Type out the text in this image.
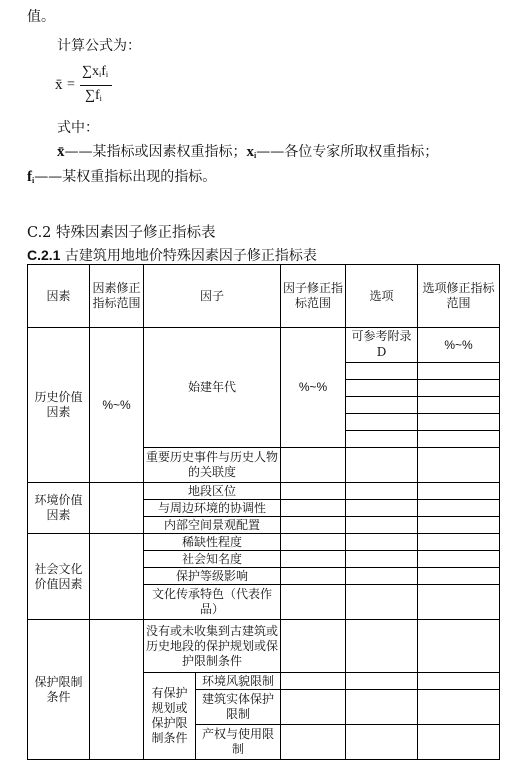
值。
计算公式为：
x̄ =
$\sum x_if_i$
$\sum f_i$
式中：
x̄——某指标或因素权重指标；$x_i——$各位专家所取权重指标；
$f_i——$某权重指标出现的指标。
C.2 特殊因素因子修正指标表
C.2.1 古建筑用地地价特殊因素因子修正指标表
因素	因素修正指标范围	因子		因子修正指标范围	选项	选项修正指标范围
历史价值因素	%~%	始建年代		%~%	可参考附录D	%~%

		重要历史事件与历史人物的关联度				
环境价值因素		地段区位				
		与周边环境的协调性				
		内部空间景观配置				
社会文化价值因素		稀缺性程度				
		社会知名度				
		保护等级影响				
		文化传承特色（代表作品）				
保护限制条件		没有或未收集到古建筑或历史地段的保护规划或保护限制条件				
		有保护规划或保护限制条件	环境风貌限制			
			建筑实体保护限制			
			产权与使用限制			
